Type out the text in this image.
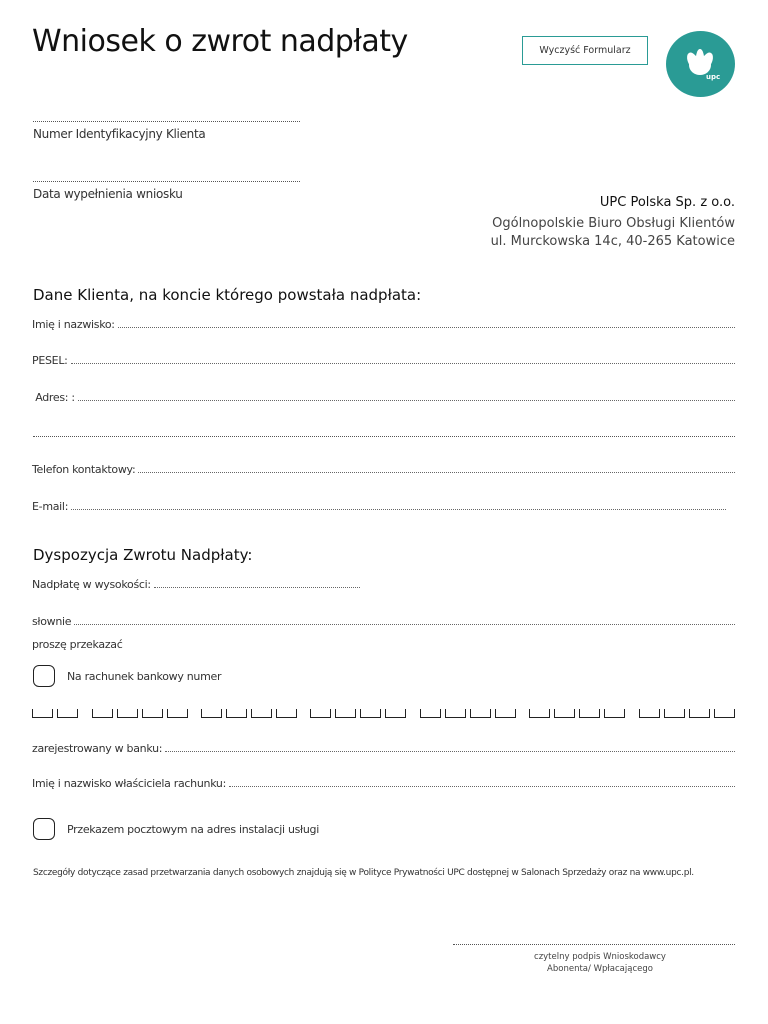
Wniosek o zwrot nadpłaty	Wyczyść Formularz
upc
Numer Identyfikacyjny Klienta
Data wypełnienia wniosku
UPC Polska Sp. z o.o.
Ogólnopolskie Biuro Obsługi Klientów
ul. Murckowska 14c, 40-265 Katowice
Dane Klienta, na koncie którego powstała nadpłata:
Imię i nazwisko:
PESEL:
Adres: :
Telefon kontaktowy:
E-mail:
Dyspozycja Zwrotu Nadpłaty:
Nadpłatę w wysokości:
słownie
proszę przekazać
Na rachunek bankowy numer
zarejestrowany w banku:
Imię i nazwisko właściciela rachunku:
Przekazem pocztowym na adres instalacji usługi
Szczegóły dotyczące zasad przetwarzania danych osobowych znajdują się w Polityce Prywatności UPC dostępnej w Salonach Sprzedaży oraz na www.upc.pl.
czytelny podpis Wnioskodawcy
Abonenta/ Wpłacającego
